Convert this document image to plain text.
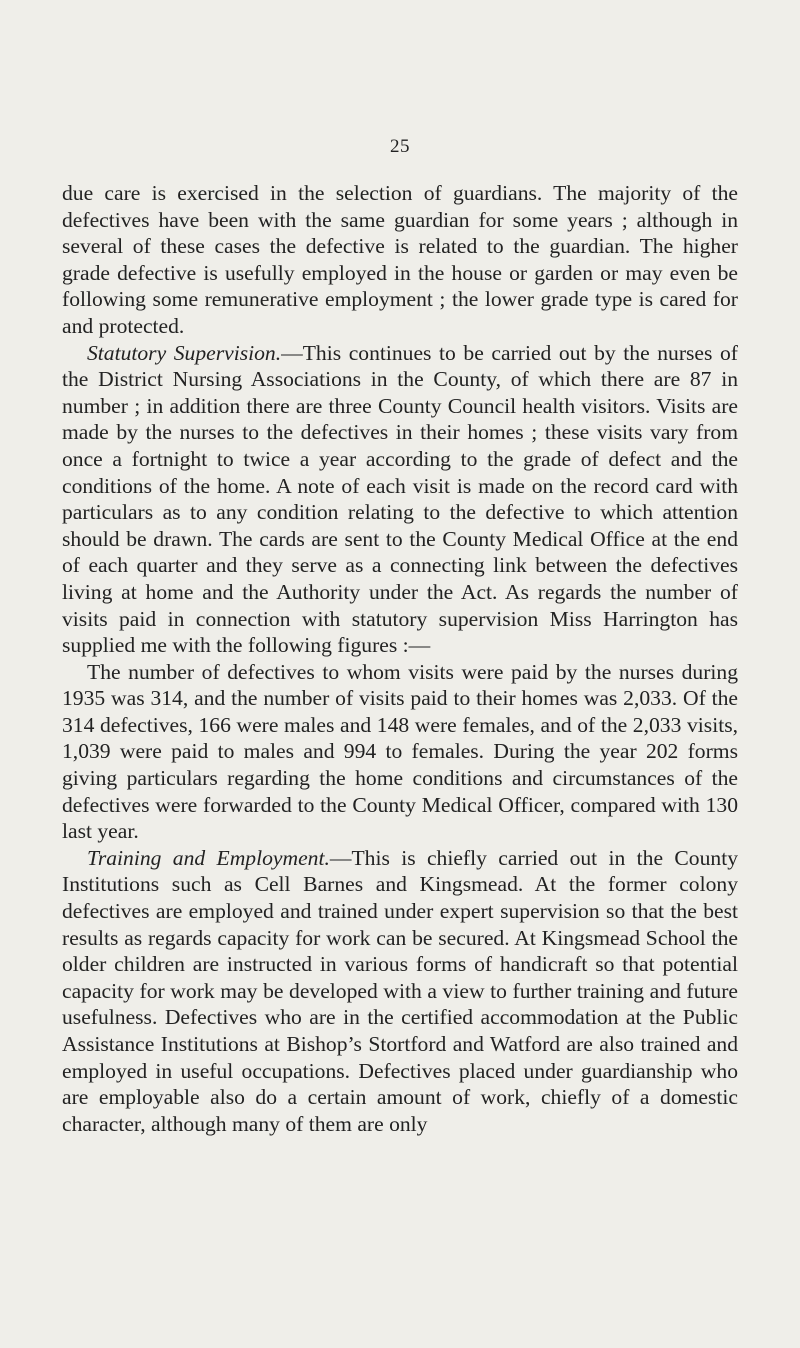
25

due care is exercised in the selection of guardians. The majority of the defectives have been with the same guardian for some years ; although in several of these cases the defective is related to the guardian. The higher grade defective is usefully employed in the house or garden or may even be following some remunerative employment ; the lower grade type is cared for and protected.

Statutory Supervision.—This continues to be carried out by the nurses of the District Nursing Associations in the County, of which there are 87 in number ; in addition there are three County Council health visitors. Visits are made by the nurses to the defectives in their homes ; these visits vary from once a fortnight to twice a year according to the grade of defect and the conditions of the home. A note of each visit is made on the record card with particulars as to any condition relating to the defective to which attention should be drawn. The cards are sent to the County Medical Office at the end of each quarter and they serve as a connecting link between the defectives living at home and the Authority under the Act. As regards the number of visits paid in connection with statutory supervision Miss Harrington has supplied me with the following figures :—

The number of defectives to whom visits were paid by the nurses during 1935 was 314, and the number of visits paid to their homes was 2,033. Of the 314 defectives, 166 were males and 148 were females, and of the 2,033 visits, 1,039 were paid to males and 994 to females. During the year 202 forms giving particulars regarding the home conditions and circumstances of the defectives were forwarded to the County Medical Officer, compared with 130 last year.

Training and Employment.—This is chiefly carried out in the County Institutions such as Cell Barnes and Kingsmead. At the former colony defectives are employed and trained under expert supervision so that the best results as regards capacity for work can be secured. At Kingsmead School the older children are instructed in various forms of handicraft so that potential capacity for work may be developed with a view to further training and future usefulness. Defectives who are in the certified accommodation at the Public Assistance Institutions at Bishop’s Stortford and Watford are also trained and employed in useful occupations. Defectives placed under guardianship who are employable also do a certain amount of work, chiefly of a domestic character, although many of them are only
